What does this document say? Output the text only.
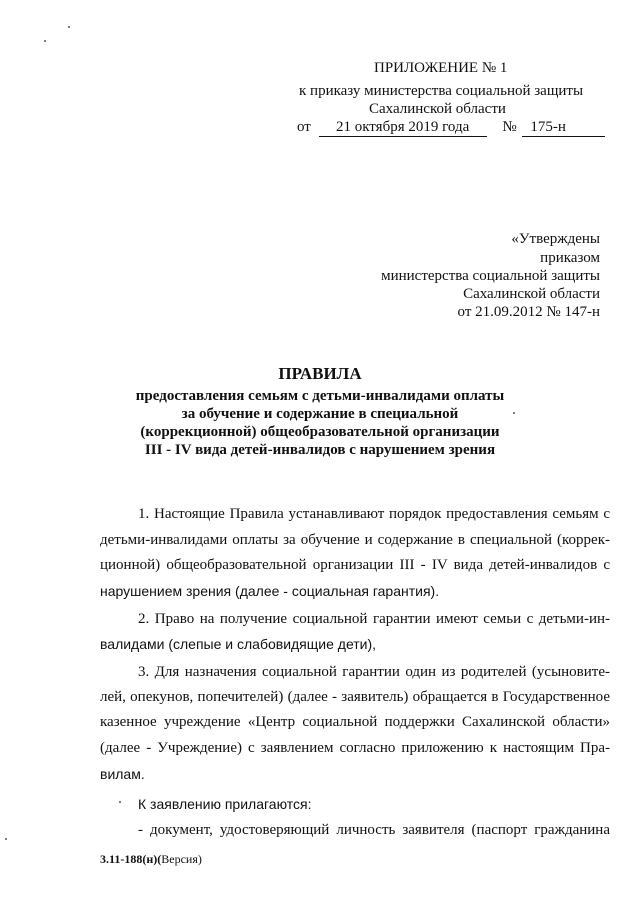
ПРИЛОЖЕНИЕ № 1
к приказу министерства социальной защиты
Сахалинской области
от 21 октября 2019 года № 175-н
«Утверждены
приказом
министерства социальной защиты
Сахалинской области
от 21.09.2012 № 147-н
ПРАВИЛА
предоставления семьям с детьми-инвалидами оплаты
за обучение и содержание в специальной
(коррекционной) общеобразовательной организации
III - IV вида детей-инвалидов с нарушением зрения
1. Настоящие Правила устанавливают порядок предоставления семьям с
детьми-инвалидами оплаты за обучение и содержание в специальной (коррек-
ционной) общеобразовательной организации III - IV вида детей-инвалидов с
нарушением зрения (далее - социальная гарантия).
2. Право на получение социальной гарантии имеют семьи с детьми-ин-
валидами (слепые и слабовидящие дети),
3. Для назначения социальной гарантии один из родителей (усыновите-
лей, опекунов, попечителей) (далее - заявитель) обращается в Государственное
казенное учреждение «Центр социальной поддержки Сахалинской области»
(далее - Учреждение) с заявлением согласно приложению к настоящим Пра-
вилам.
К заявлению прилагаются:
- документ, удостоверяющий личность заявителя (паспорт гражданина
3.11-188(н)(Версия)
